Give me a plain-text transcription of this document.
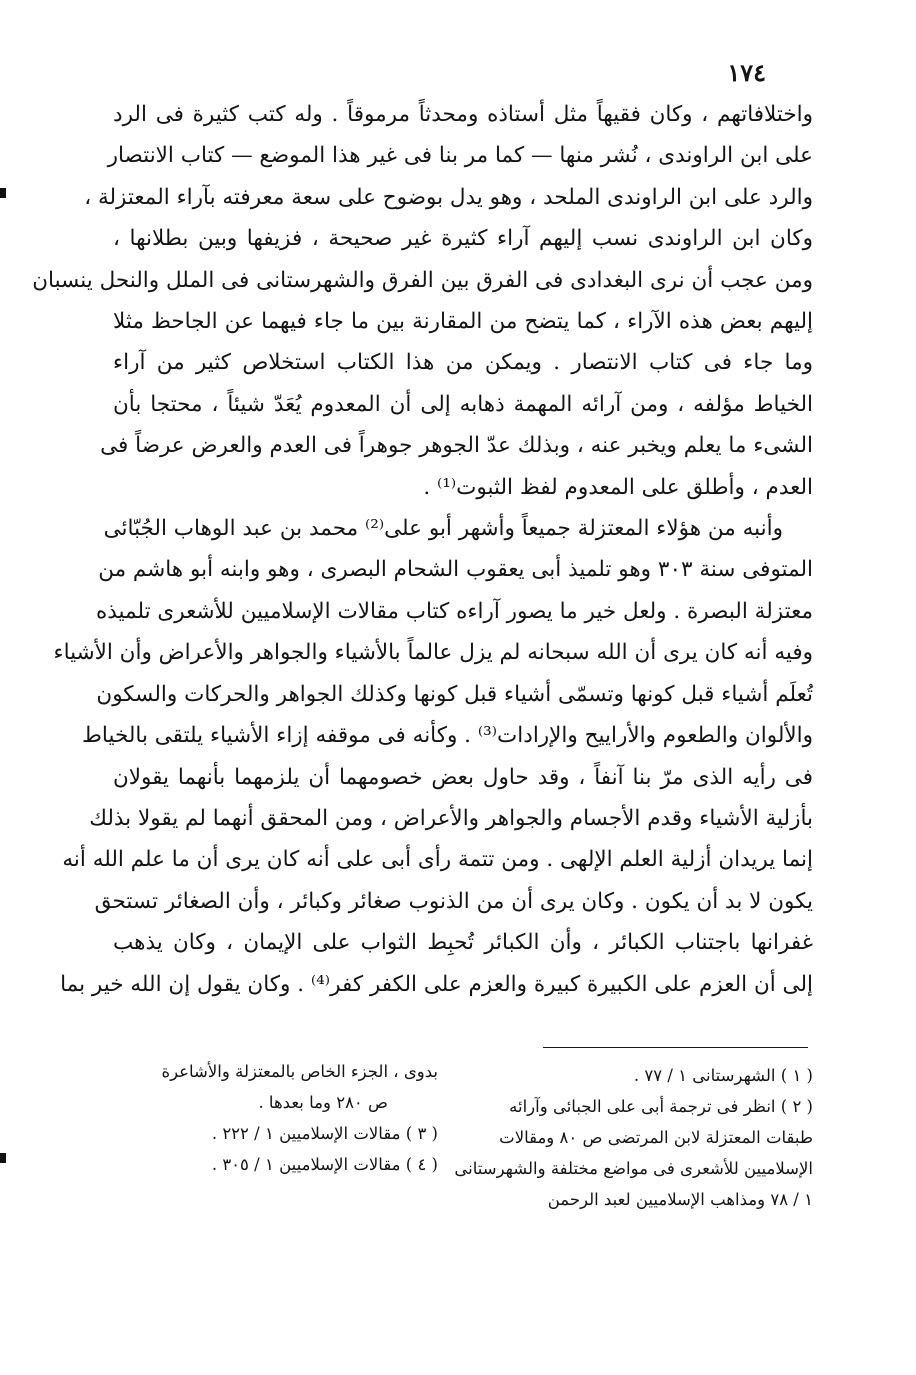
١٧٤
واختلافاتهم ، وكان فقيهاً مثل أستاذه ومحدثاً مرموقاً . وله كتب كثيرة فى الرد
على ابن الراوندى ، نُشر منها — كما مر بنا فى غير هذا الموضع — كتاب الانتصار
والرد على ابن الراوندى الملحد ، وهو يدل بوضوح على سعة معرفته بآراء المعتزلة ،
وكان ابن الراوندى نسب إليهم آراء كثيرة غير صحيحة ، فزيفها وبين بطلانها ،
ومن عجب أن نرى البغدادى فى الفرق بين الفرق والشهرستانى فى الملل والنحل ينسبان
إليهم بعض هذه الآراء ، كما يتضح من المقارنة بين ما جاء فيهما عن الجاحظ مثلا
وما جاء فى كتاب الانتصار . ويمكن من هذا الكتاب استخلاص كثير من آراء
الخياط مؤلفه ، ومن آرائه المهمة ذهابه إلى أن المعدوم يُعَدّ شيئاً ، محتجا بأن
الشىء ما يعلم ويخبر عنه ، وبذلك عدّ الجوهر جوهراً فى العدم والعرض عرضاً فى
العدم ، وأطلق على المعدوم لفظ الثبوت⁽¹⁾ .
وأنبه من هؤلاء المعتزلة جميعاً وأشهر أبو على⁽²⁾ محمد بن عبد الوهاب الجُبّائى
المتوفى سنة ٣٠٣ وهو تلميذ أبى يعقوب الشحام البصرى ، وهو وابنه أبو هاشم من
معتزلة البصرة . ولعل خير ما يصور آراءه كتاب مقالات الإسلاميين للأشعرى تلميذه
وفيه أنه كان يرى أن الله سبحانه لم يزل عالماً بالأشياء والجواهر والأعراض وأن الأشياء
تُعلَم أشياء قبل كونها وتسمّى أشياء قبل كونها وكذلك الجواهر والحركات والسكون
والألوان والطعوم والأراييح والإرادات⁽³⁾ . وكأنه فى موقفه إزاء الأشياء يلتقى بالخياط
فى رأيه الذى مرّ بنا آنفاً ، وقد حاول بعض خصومهما أن يلزمهما بأنهما يقولان
بأزلية الأشياء وقدم الأجسام والجواهر والأعراض ، ومن المحقق أنهما لم يقولا بذلك
إنما يريدان أزلية العلم الإلهى . ومن تتمة رأى أبى على أنه كان يرى أن ما علم الله أنه
يكون لا بد أن يكون . وكان يرى أن من الذنوب صغائر وكبائر ، وأن الصغائر تستحق
غفرانها باجتناب الكبائر ، وأن الكبائر تُحبِط الثواب على الإيمان ، وكان يذهب
إلى أن العزم على الكبيرة كبيرة والعزم على الكفر كفر⁽⁴⁾ . وكان يقول إن الله خير بما
( ١ ) الشهرستانى ١ / ٧٧ .
( ٢ ) انظر فى ترجمة أبى على الجبائى وآرائه
طبقات المعتزلة لابن المرتضى ص ٨٠ ومقالات
الإسلاميين للأشعرى فى مواضع مختلفة والشهرستانى
١ / ٧٨ ومذاهب الإسلاميين لعبد الرحمن
بدوى ، الجزء الخاص بالمعتزلة والأشاعرة
ص ٢٨٠ وما بعدها .
( ٣ ) مقالات الإسلاميين ١ / ٢٢٢ .
( ٤ ) مقالات الإسلاميين ١ / ٣٠٥ .
